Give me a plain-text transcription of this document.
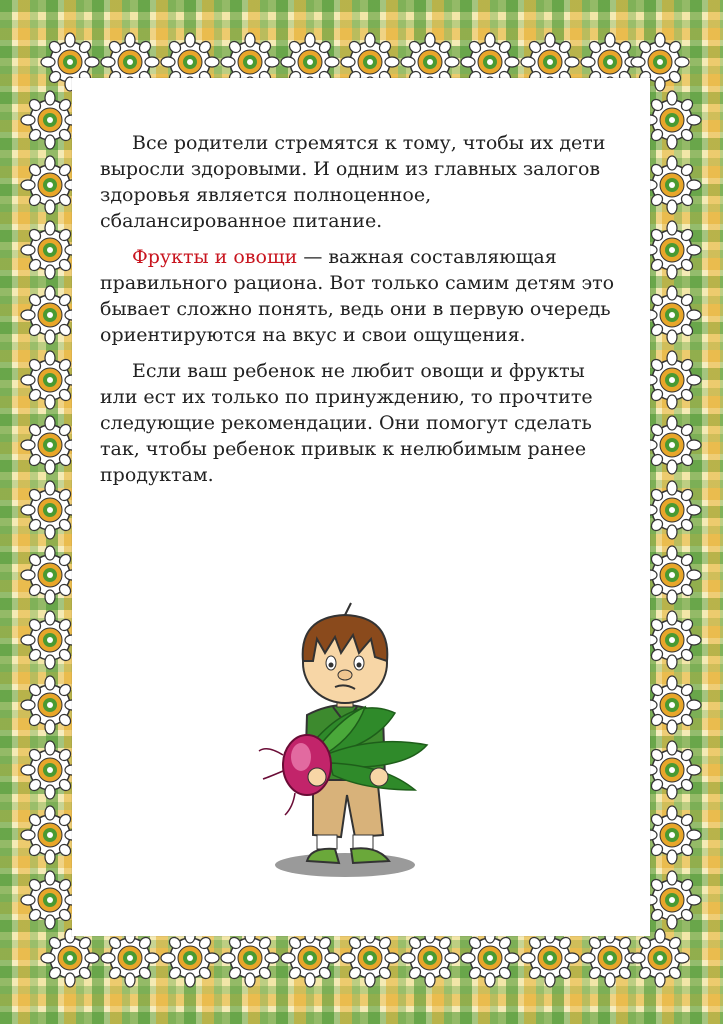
Все родители стремятся к тому, чтобы их дети выросли здоровыми. И одним из главных залогов здоровья является полноценное, сбалансированное питание.

Фрукты и овощи — важная составляющая правильного рациона. Вот только самим детям это бывает сложно понять, ведь они в первую очередь ориентируются на вкус и свои ощущения.

Если ваш ребенок не любит овощи и фрукты или ест их только по принуждению, то прочтите следующие рекомендации. Они помогут сделать так, чтобы ребенок привык к нелюбимым ранее продуктам.
